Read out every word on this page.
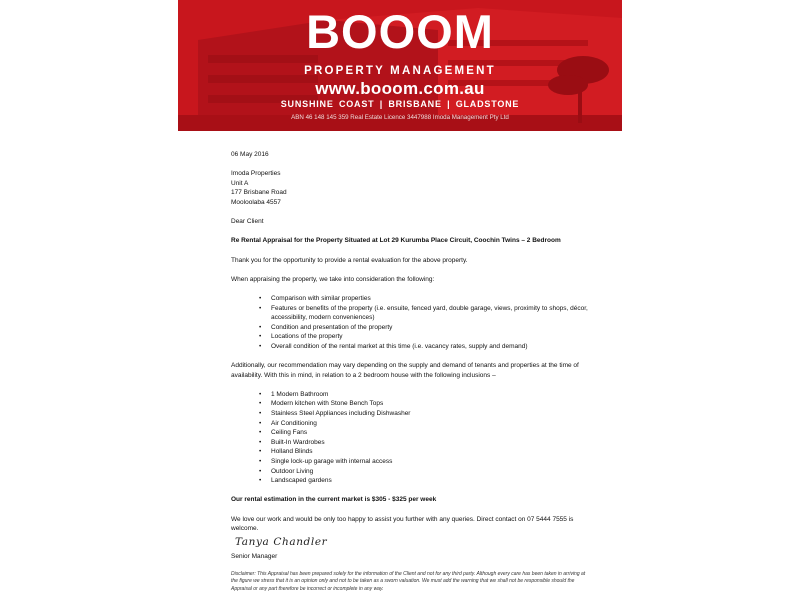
BOOOM
PROPERTY MANAGEMENT
www.booom.com.au
SUNSHINE COAST | BRISBANE | GLADSTONE
ABN 46 148 145 359 Real Estate Licence 3447988 Imoda Management Pty Ltd

06 May 2016

Imoda Properties

Unit A

177 Brisbane Road

Mooloolaba 4557

Dear Client

Re Rental Appraisal for the Property Situated at Lot 29 Kurumba Place Circuit, Coochin Twins – 2 Bedroom

Thank you for the opportunity to provide a rental evaluation for the above property.

When appraising the property, we take into consideration the following:

• Comparison with similar properties
• Features or benefits of the property (i.e. ensuite, fenced yard, double garage, views, proximity to shops, décor, accessibility, modern conveniences)
• Condition and presentation of the property
• Locations of the property
• Overall condition of the rental market at this time (i.e. vacancy rates, supply and demand)

Additionally, our recommendation may vary depending on the supply and demand of tenants and properties at the time of availability. With this in mind, in relation to a 2 bedroom house with the following inclusions –

• 1 Modern Bathroom
• Modern kitchen with Stone Bench Tops
• Stainless Steel Appliances including Dishwasher
• Air Conditioning
• Ceiling Fans
• Built-In Wardrobes
• Holland Blinds
• Single lock-up garage with internal access
• Outdoor Living
• Landscaped gardens

Our rental estimation in the current market is $305 - $325 per week

We love our work and would be only too happy to assist you further with any queries. Direct contact on 07 5444 7555 is welcome.

Tanya Chandler

Senior Manager

Disclaimer: This Appraisal has been prepared solely for the information of the Client and not for any third party. Although every care has been taken in arriving at the figure we stress that it is an opinion only and not to be taken as a sworn valuation. We must add the warning that we shall not be responsible should the Appraisal or any part therefore be incorrect or incomplete in any way.
